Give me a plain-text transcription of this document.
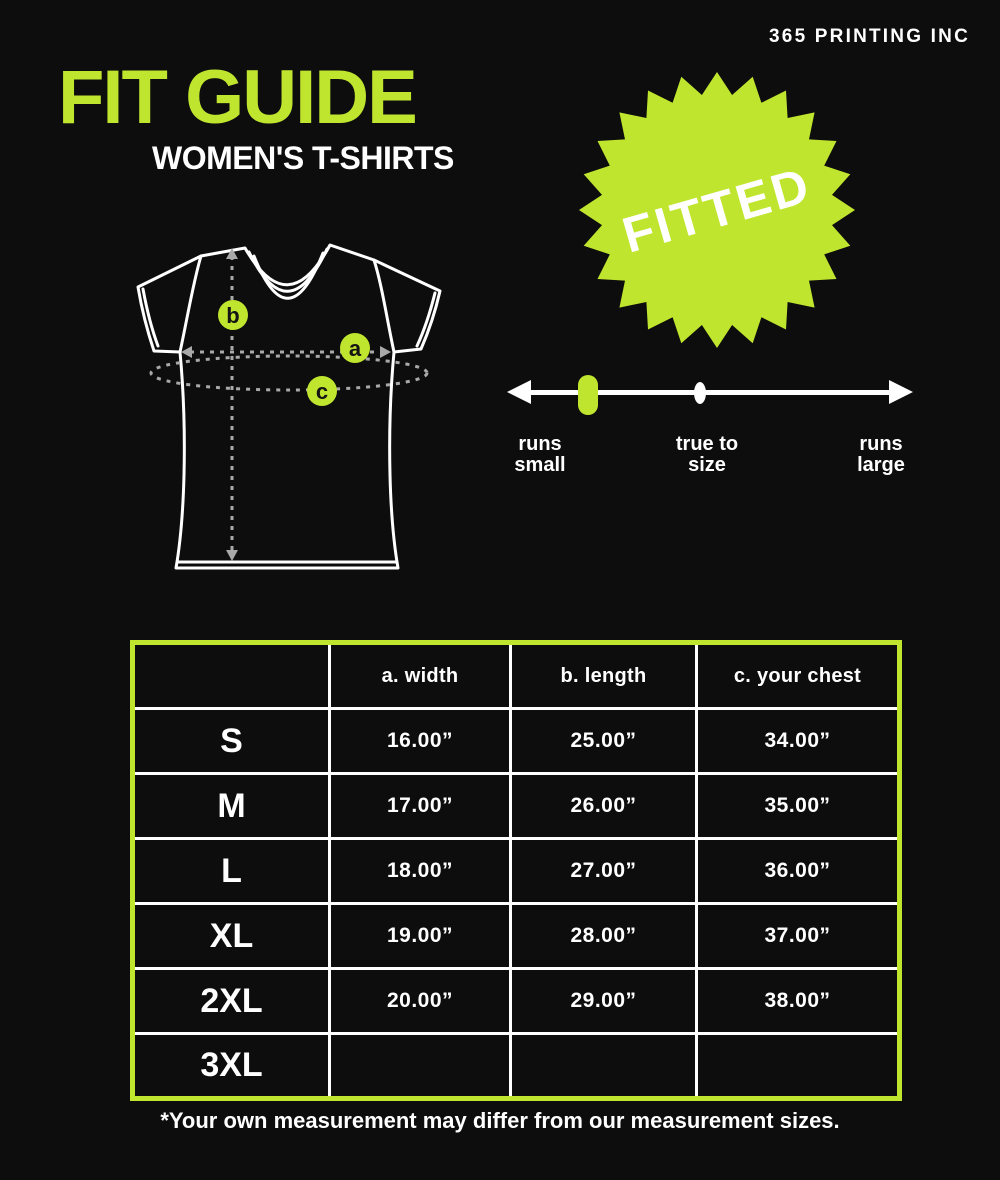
365 PRINTING INC
FIT GUIDE
WOMEN'S T-SHIRTS	FITTED
b
a
c
runs
small
true to
size
runs
large
	a. width	b. length	c. your chest
S	16.00”	25.00”	34.00”
M	17.00”	26.00”	35.00”
L	18.00”	27.00”	36.00”
XL	19.00”	28.00”	37.00”
2XL	20.00”	29.00”	38.00”
3XL			
*Your own measurement may differ from our measurement sizes.
